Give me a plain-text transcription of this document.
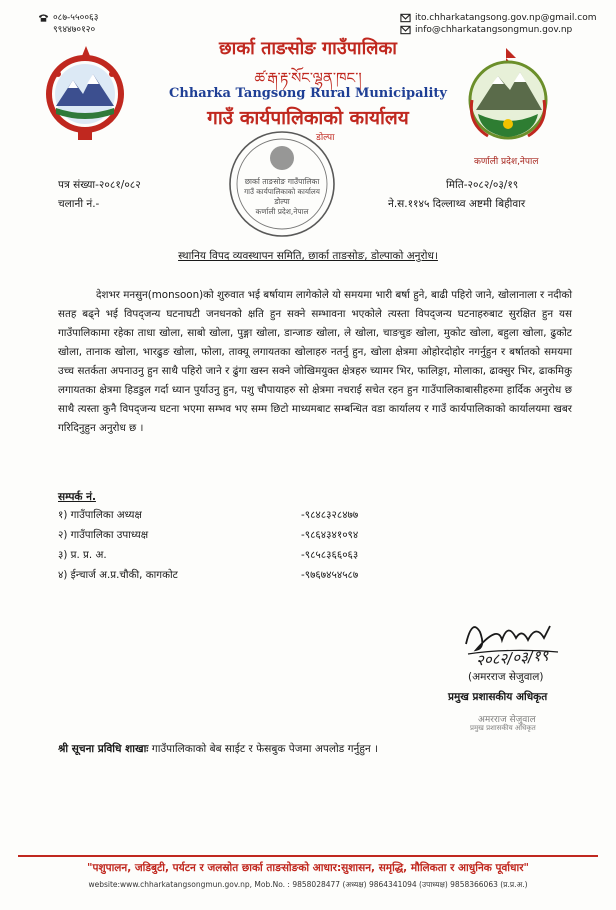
०८७-५५००६३
९९४४७०१२०
ito.chharkatangsong.gov.np@gmail.com
info@chharkatangsongmun.gov.np
छार्का ताङसोङ गाउँपालिका
ཚ་རྒ་རྟ་སོང་ལྷན་ཁང་།
Chharka Tangsong Rural Municipality
गाउँ कार्यपालिकाको कार्यालय
डोल्पा
कर्णाली प्रदेश,नेपाल
छार्का ताङसोङ गाउँपालिका
गाउँ कार्यपालिकाको कार्यालय
डोल्पा
कर्णाली प्रदेश,नेपाल
पत्र संख्या-२०८१/०८२
चलानी नं.-
मिति-२०८२/०३/१९
ने.स.११४५ दिल्लाथ्व अष्टमी बिहीवार
स्थानिय विपद व्यवस्थापन समिति, छार्का ताङसोङ, डोल्पाको अनुरोध।
देशभर मनसुन(monsoon)को शुरुवात भई बर्षायाम लागेकोले यो समयमा भारी बर्षा हुने, बाढी पहिरो जाने, खोलानाला र नदीको सतह बढ्ने भई विपद्जन्य घटनाघटी जनधनको क्षति हुन सक्ने सम्भावना भएकोले त्यस्ता विपद्जन्य घटनाहरुबाट सुरक्षित हुन यस गाउँपालिकामा रहेका ताधा खोला, साबो खोला, पुङ्गा खोला, डान्जाङ खोला, ले खोला, चाङचुङ खोला, मुकोट खोला, बहुला खोला, ढुकोट खोला, तानाक खोला, भारढुङ खोला, फोला, ताक्यू लगायतका खोलाहरु नतर्नु हुन, खोला क्षेत्रमा ओहोरदोहोर नगर्नुहुन र बर्षातको समयमा उच्च सतर्कता अपनाउनु हुन साथै पहिरो जाने र ढुंगा खस्न सक्ने जोखिमयुक्त क्षेत्रहरु च्यामर भिर, फालिङ्रा, मोलाका, ढाक्सुर भिर, ढाकमिकु लगायतका क्षेत्रमा हिडडुल गर्दा ध्यान पुर्याउनु हुन, पशु चौपायाहरु सो क्षेत्रमा नचराई सचेत रहन हुन गाउँपालिकाबासीहरुमा हार्दिक अनुरोध छ साथै त्यस्ता कुनै विपद्जन्य घटना भएमा सम्भव भए सम्म छिटो माध्यमबाट सम्बन्धित वडा कार्यालय र गाउँ कार्यपालिकाको कार्यालयमा खबर गरिदिनुहुन अनुरोध छ ।
सम्पर्क नं.
१) गाउँपालिका अध्यक्ष	-९८४८३२८४७७
२) गाउँपालिका उपाध्यक्ष	-९८६४३४१०९४
३) प्र. प्र. अ.	-९८५८३६६०६३
४) ईन्चार्ज अ.प्र.चौकी, कागकोट	-९७६७४५४५८७
२०८२/०३/१९
(अमरराज सेजुवाल)
प्रमुख प्रशासकीय अधिकृत
अमरराज सेजुवाल
प्रमुख प्रशासकीय अधिकृत
श्री सूचना प्रविधि शाखाः गाउँपालिकाको बेब साईट र फेसबुक पेजमा अपलोड गर्नुहुन ।
"पशुपालन, जडिबुटी, पर्यटन र जलस्रोत छार्का ताङसोङको आधार:सुशासन, समृद्धि, मौलिकता र आधुनिक पूर्वाधार"
website:www.chharkatangsongmun.gov.np, Mob.No. : 9858028477 (अध्यक्ष) 9864341094 (उपाध्यक्ष) 9858366063 (प्र.प्र.अ.)
